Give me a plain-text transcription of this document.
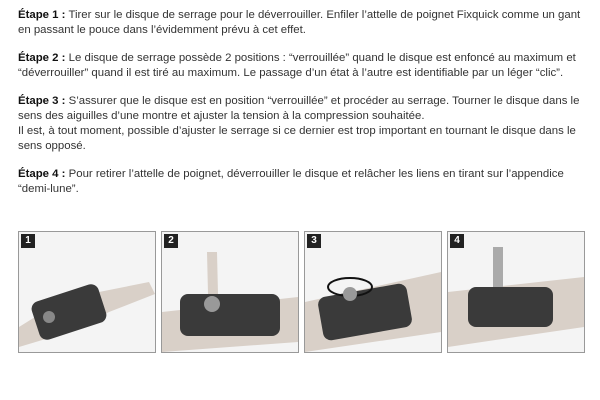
Étape 1 : Tirer sur le disque de serrage pour le déverrouiller. Enfiler l’attelle de poignet Fixquick comme un gant en passant le pouce dans l’évidemment prévu à cet effet.

Étape 2 : Le disque de serrage possède 2 positions : “verrouillée” quand le disque est enfoncé au maximum et “déverrouiller” quand il est tiré au maximum. Le passage d’un état à l’autre est identifiable par un léger “clic”.

Étape 3 : S’assurer que le disque est en position “verrouillée” et procéder au serrage. Tourner le disque dans le sens des aiguilles d’une montre et ajuster la tension à la compression souhaitée.
Il est, à tout moment, possible d’ajuster le serrage si ce dernier est trop important en tournant le disque dans le sens opposé.

Étape 4 : Pour retirer l’attelle de poignet, déverrouiller le disque et relâcher les liens en tirant sur l’appendice “demi-lune”.

1	2	3	4
